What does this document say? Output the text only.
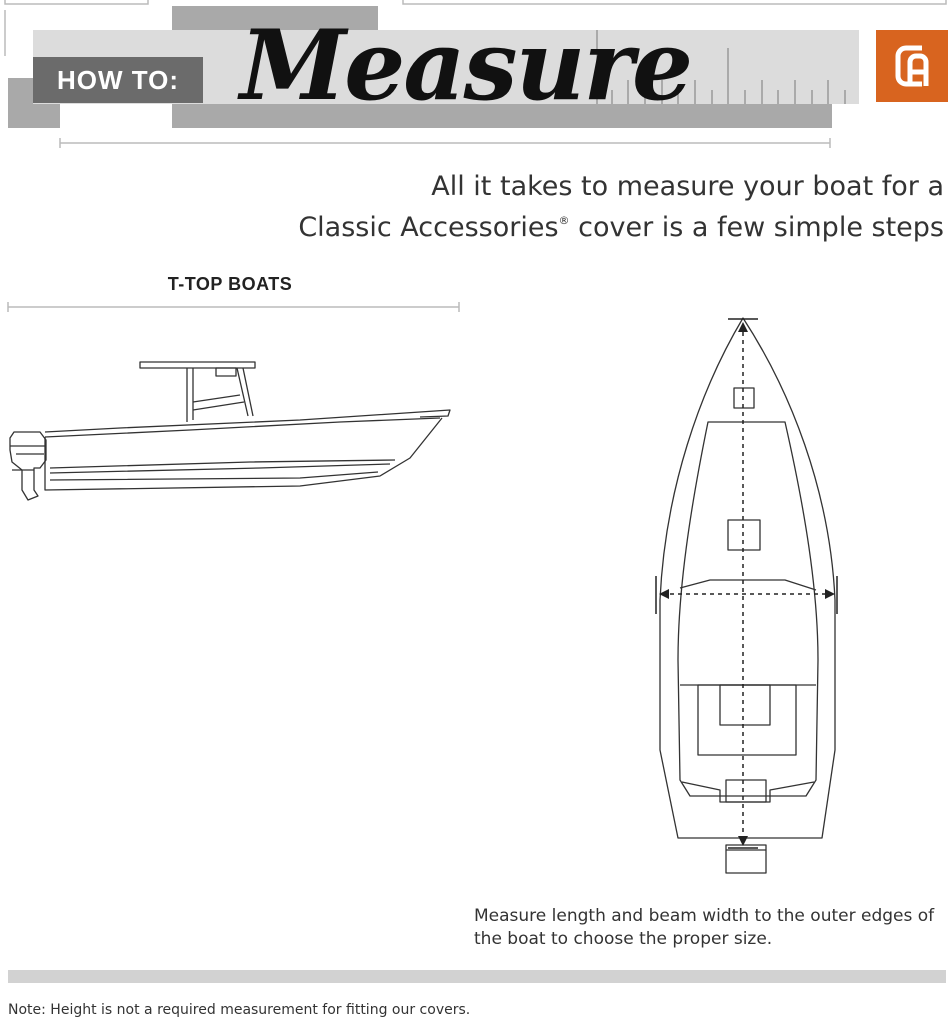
HOW TO: Measure
All it takes to measure your boat for a
Classic Accessories® cover is a few simple steps
T-TOP BOATS
Measure length and beam width to the outer edges of the boat to choose the proper size.
Note: Height is not a required measurement for fitting our covers.
